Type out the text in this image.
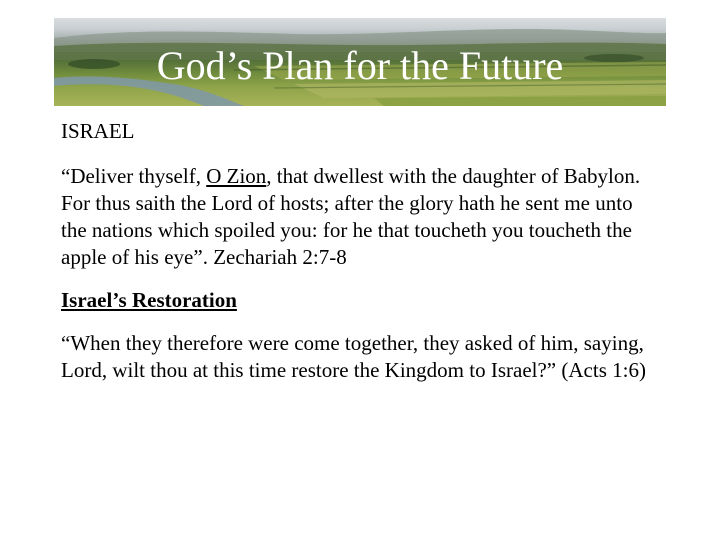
God’s Plan for the Future

ISRAEL

“Deliver thyself, O Zion, that dwellest with the daughter of Babylon. For thus saith the Lord of hosts; after the glory hath he sent me unto the nations which spoiled you: for he that toucheth you toucheth the apple of his eye”. Zechariah 2:7-8

Israel’s Restoration

“When they therefore were come together, they asked of him, saying, Lord, wilt thou at this time restore the Kingdom to Israel?” (Acts 1:6)
